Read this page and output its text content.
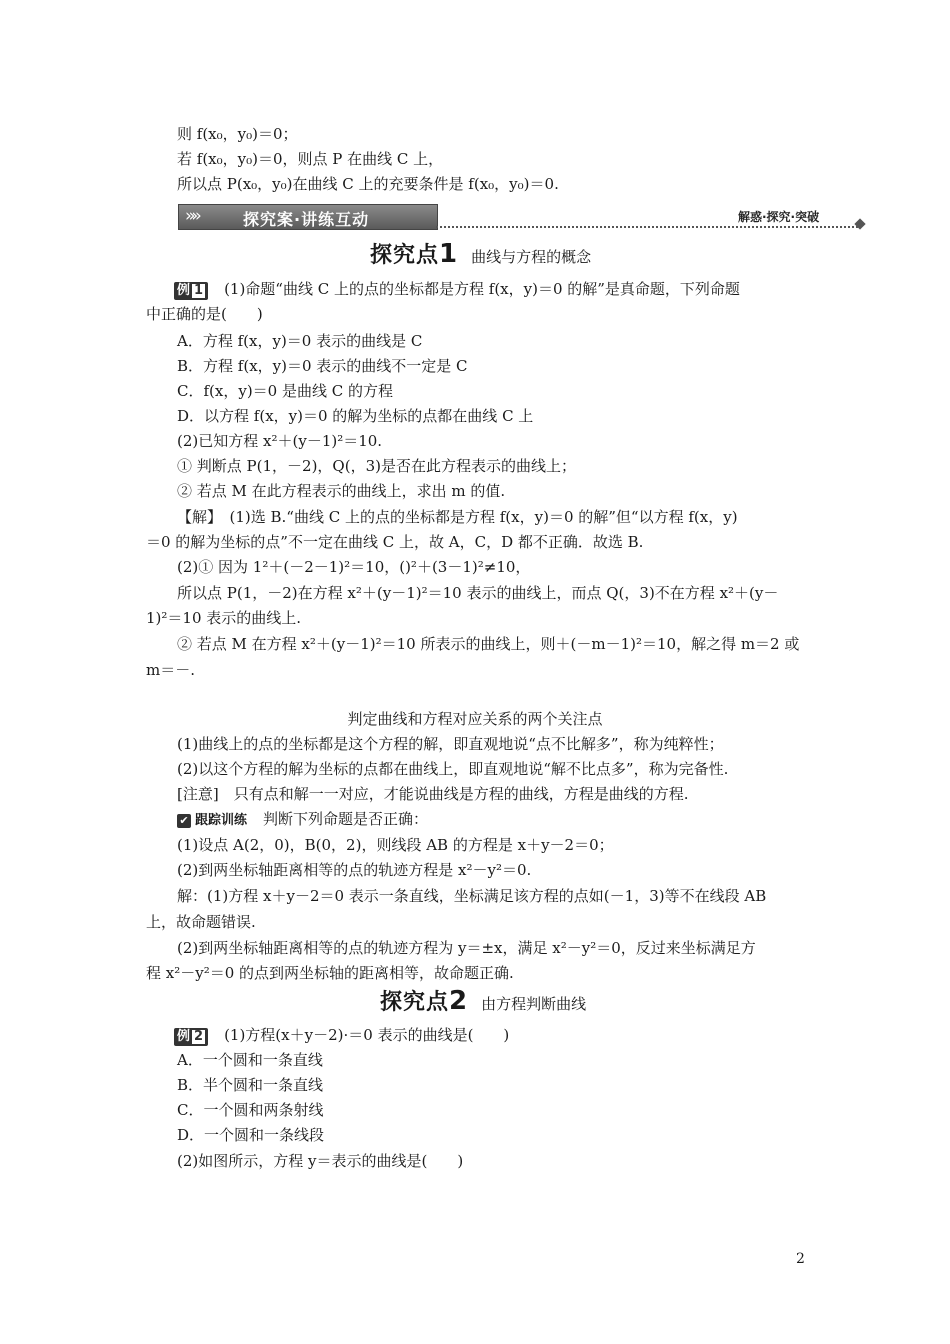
则 f(x₀，y₀)＝0；
若 f(x₀，y₀)＝0，则点 P 在曲线 C 上，
所以点 P(x₀，y₀)在曲线 C 上的充要条件是 f(x₀，y₀)＝0.
»»	探究案·讲练互动	解惑·探究·突破
探究点1 曲线与方程的概念
例 1 (1)命题“曲线 C 上的点的坐标都是方程 f(x，y)＝0 的解”是真命题，下列命题
中正确的是(　　)
A．方程 f(x，y)＝0 表示的曲线是 C
B．方程 f(x，y)＝0 表示的曲线不一定是 C
C．f(x，y)＝0 是曲线 C 的方程
D．以方程 f(x，y)＝0 的解为坐标的点都在曲线 C 上
(2)已知方程 x²＋(y－1)²＝10.
① 判断点 P(1，－2)，Q(，3)是否在此方程表示的曲线上；
② 若点 M 在此方程表示的曲线上，求出 m 的值.
【解】　(1)选 B.“曲线 C 上的点的坐标都是方程 f(x，y)＝0 的解”但“以方程 f(x，y)
＝0 的解为坐标的点”不一定在曲线 C 上，故 A，C，D 都不正确．故选 B.
(2)① 因为 1²＋(－2－1)²＝10，()²＋(3－1)²≠10，
所以点 P(1，－2)在方程 x²＋(y－1)²＝10 表示的曲线上，而点 Q(，3)不在方程 x²＋(y－
1)²＝10 表示的曲线上.
② 若点 M 在方程 x²＋(y－1)²＝10 所表示的曲线上，则＋(－m－1)²＝10，解之得 m＝2 或
m＝－.
判定曲线和方程对应关系的两个关注点
(1)曲线上的点的坐标都是这个方程的解，即直观地说“点不比解多”，称为纯粹性；
(2)以这个方程的解为坐标的点都在曲线上，即直观地说“解不比点多”，称为完备性.
[注意]　只有点和解一一对应，才能说曲线是方程的曲线，方程是曲线的方程.
✔ 跟踪训练 判断下列命题是否正确：
(1)设点 A(2，0)，B(0，2)，则线段 AB 的方程是 x＋y－2＝0；
(2)到两坐标轴距离相等的点的轨迹方程是 x²－y²＝0.
解：(1)方程 x＋y－2＝0 表示一条直线，坐标满足该方程的点如(－1，3)等不在线段 AB
上，故命题错误.
(2)到两坐标轴距离相等的点的轨迹方程为 y＝±x，满足 x²－y²＝0，反过来坐标满足方
程 x²－y²＝0 的点到两坐标轴的距离相等，故命题正确.
探究点2 由方程判断曲线
例 2 (1)方程(x＋y－2)·＝0 表示的曲线是(　　)
A．一个圆和一条直线
B．半个圆和一条直线
C．一个圆和两条射线
D．一个圆和一条线段
(2)如图所示，方程 y＝表示的曲线是(　　)
2
